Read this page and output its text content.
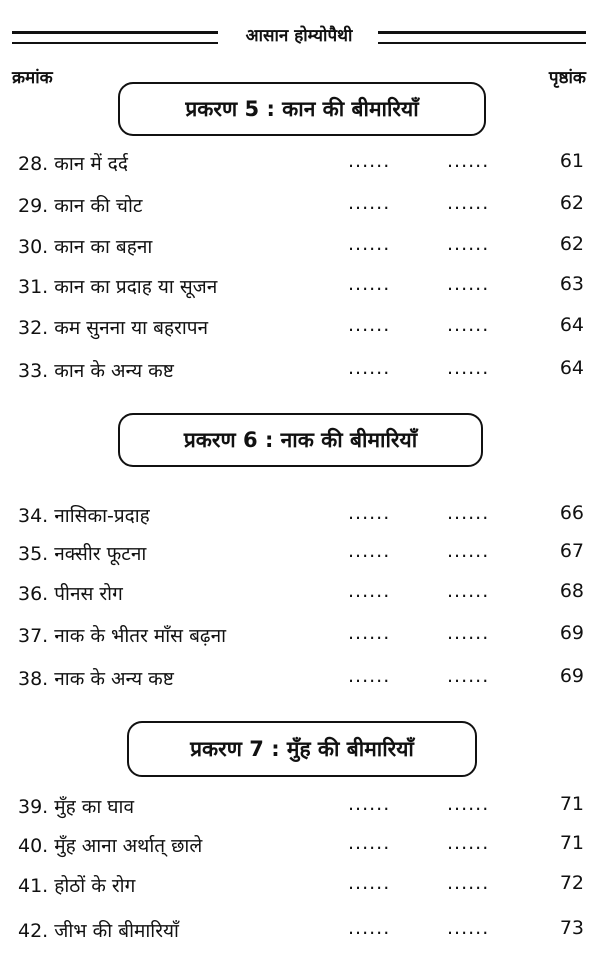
आसान होम्योपैथी
क्रमांक	पृष्ठांक
प्रकरण 5 : कान की बीमारियाँ
प्रकरण 6 : नाक की बीमारियाँ
प्रकरण 7 : मुँह की बीमारियाँ
28. कान में दर्द	......	......	61
29. कान की चोट	......	......	62
30. कान का बहना	......	......	62
31. कान का प्रदाह या सूजन	......	......	63
32. कम सुनना या बहरापन	......	......	64
33. कान के अन्य कष्ट	......	......	64
34. नासिका-प्रदाह	......	......	66
35. नक्सीर फूटना	......	......	67
36. पीनस रोग	......	......	68
37. नाक के भीतर माँस बढ़ना	......	......	69
38. नाक के अन्य कष्ट	......	......	69
39. मुँह का घाव	......	......	71
40. मुँह आना अर्थात् छाले	......	......	71
41. होठों के रोग	......	......	72
42. जीभ की बीमारियाँ	......	......	73
